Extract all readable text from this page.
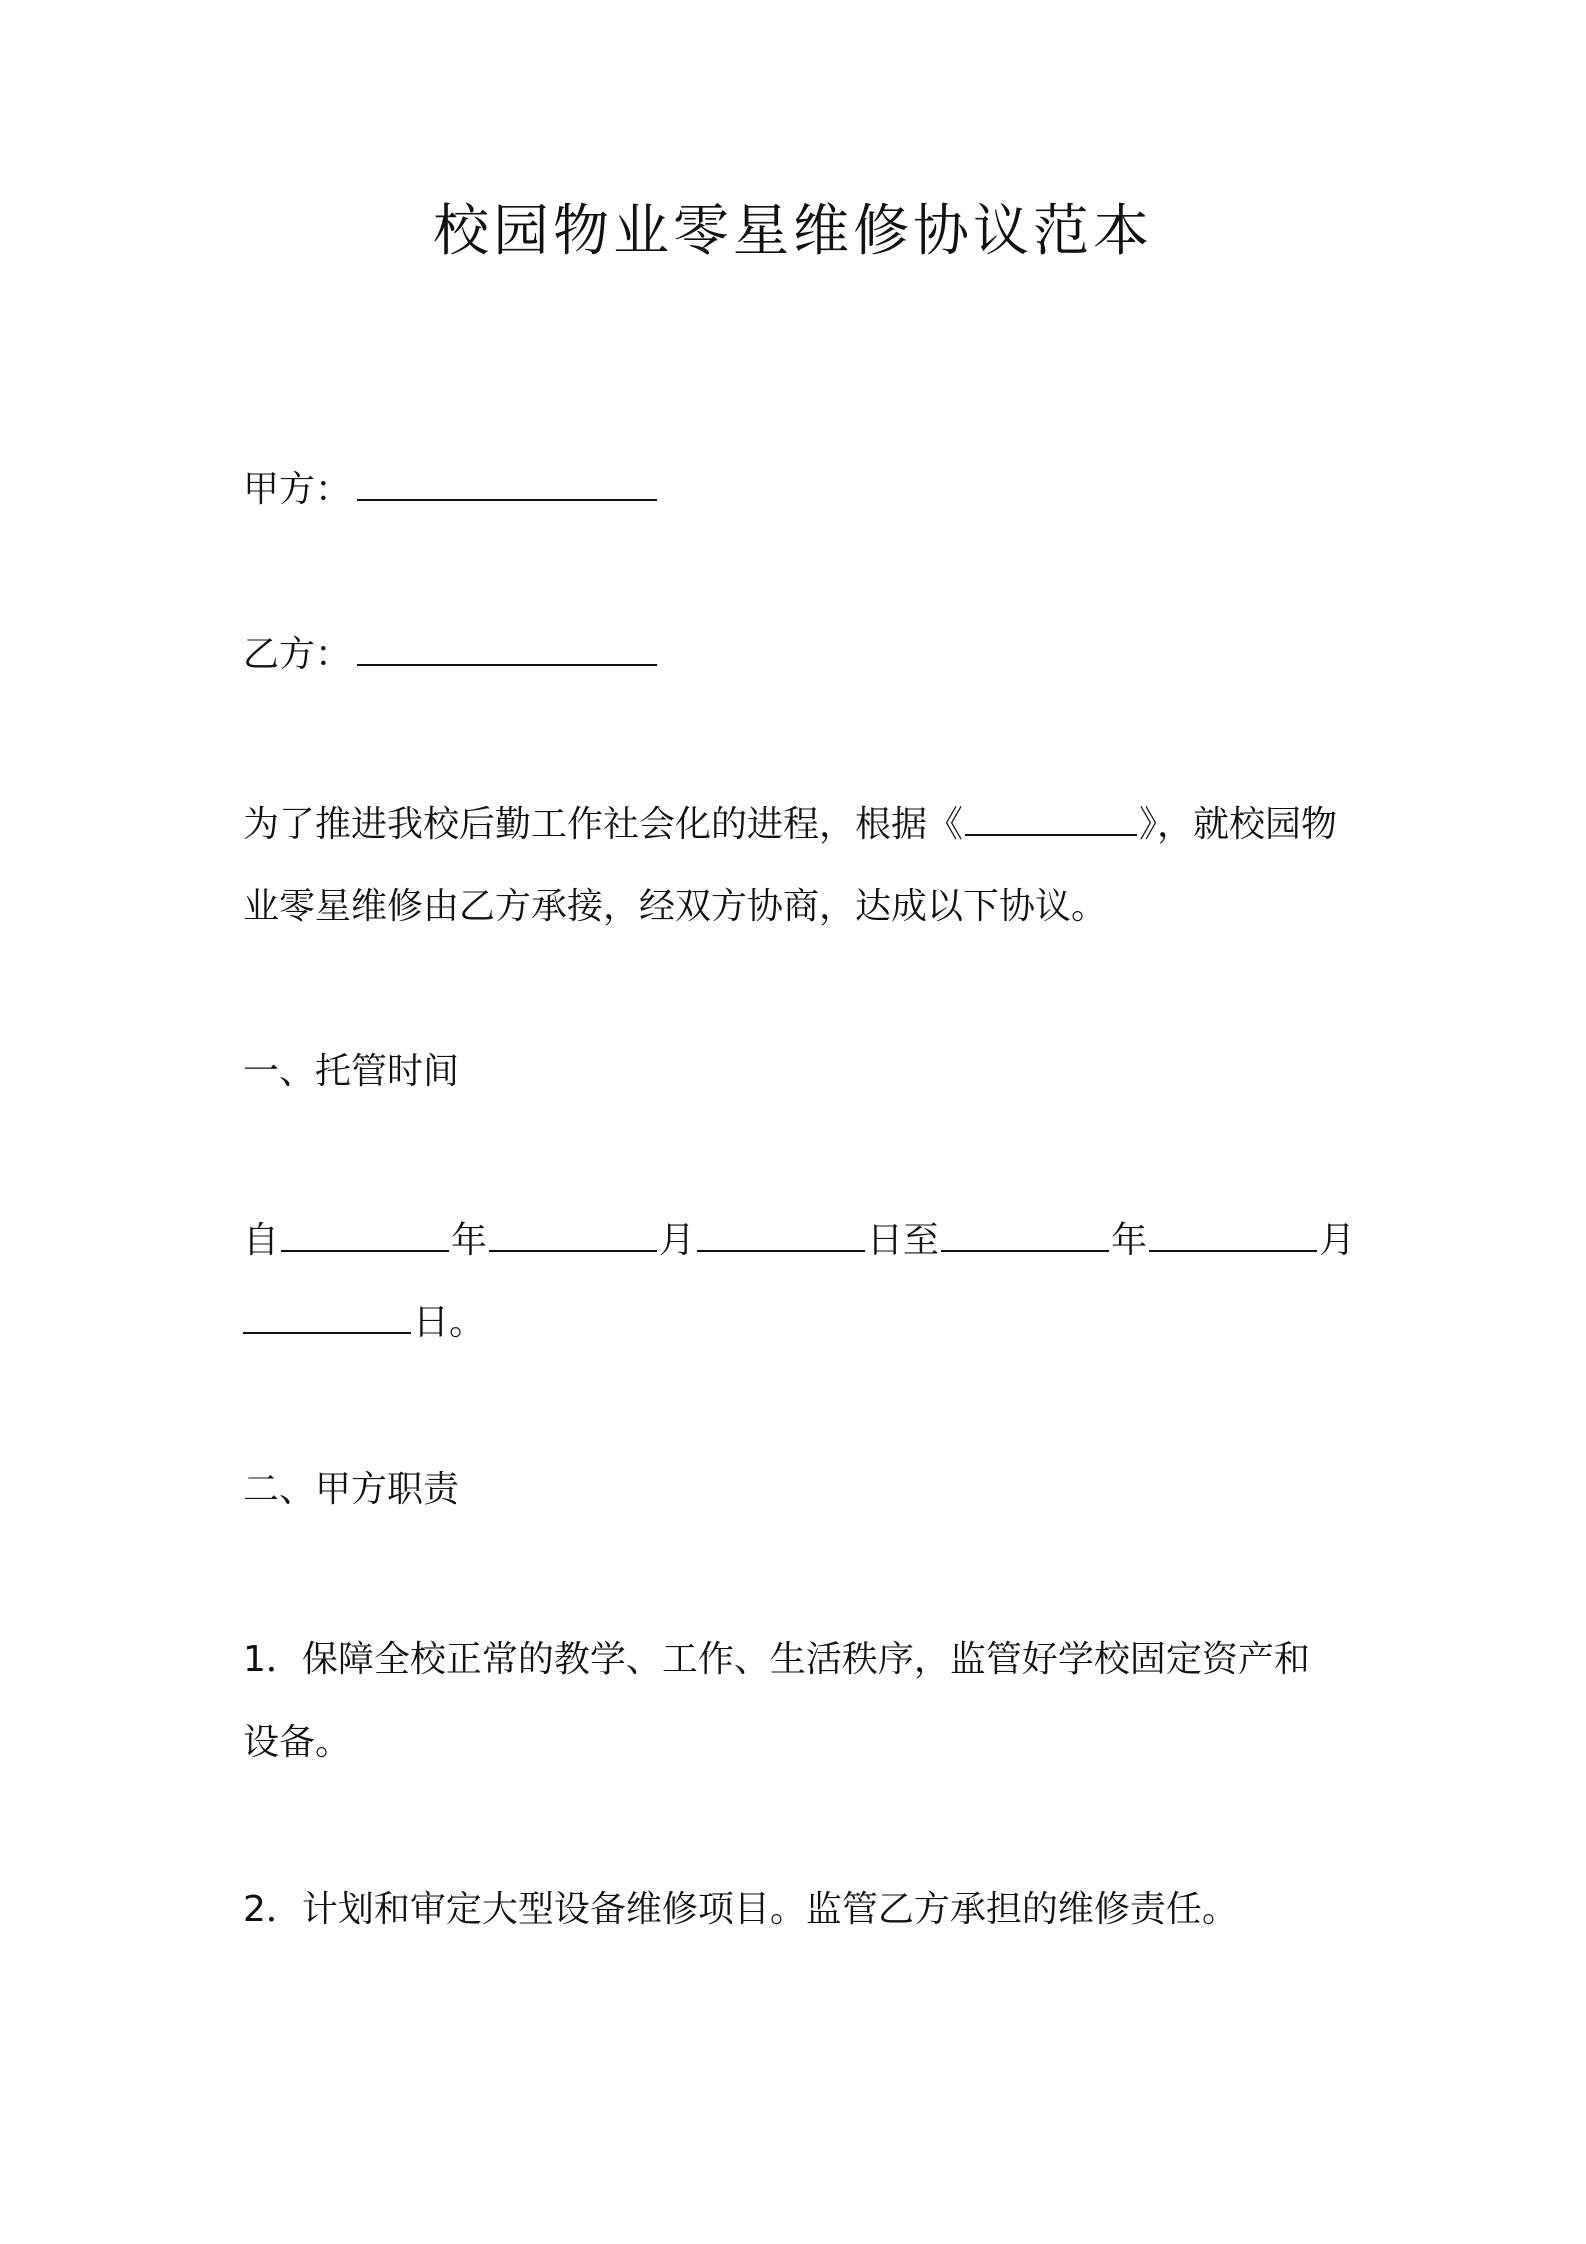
校园物业零星维修协议范本

甲方：

乙方：

为了推进我校后勤工作社会化的进程，根据《	》，就校园物

业零星维修由乙方承接，经双方协商，达成以下协议。

一、托管时间

自	年	月	日至	年	月

日。

二、甲方职责

1．保障全校正常的教学、工作、生活秩序，监管好学校固定资产和

设备。

2．计划和审定大型设备维修项目。监管乙方承担的维修责任。
